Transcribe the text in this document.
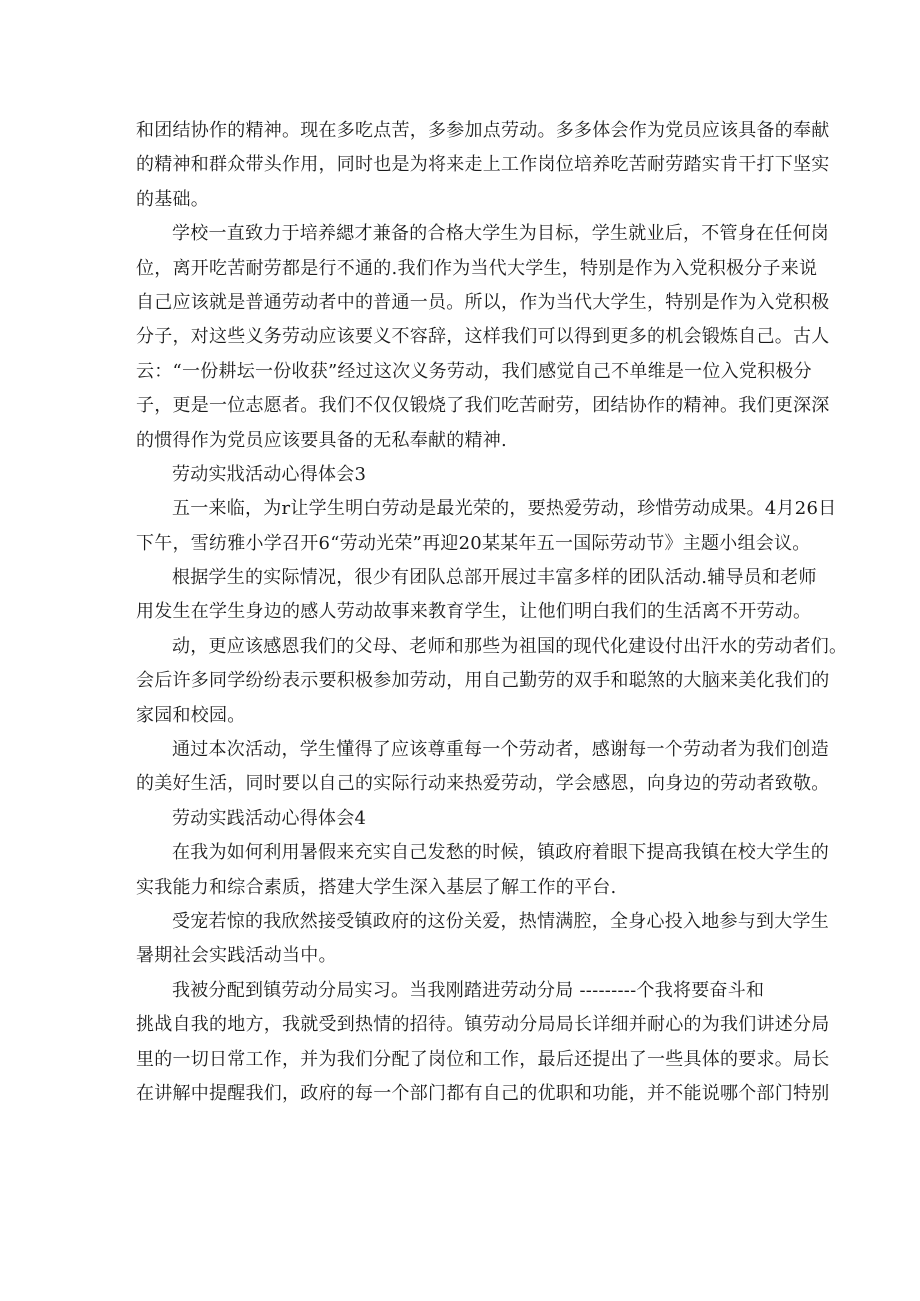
和团结协作的精神。现在多吃点苦，多参加点劳动。多多体会作为党员应该具备的奉献
的精神和群众带头作用，同时也是为将来走上工作岗位培养吃苦耐劳踏实肯干打下坚实
的基础。
学校一直致力于培养緦才兼备的合格大学生为目标，学生就业后，不管身在任何岗
位，离开吃苦耐劳都是行不通的.我们作为当代大学生，特别是作为入党积极分子来说
自己应该就是普通劳动者中的普通一员。所以，作为当代大学生，特别是作为入党积极
分子，对这些义务劳动应该要义不容辞，这样我们可以得到更多的机会锻炼自己。古人
云：“一份耕坛一份收获”经过这次义务劳动，我们感觉自己不单维是一位入党积极分
子，更是一位志愿者。我们不仅仅锻烧了我们吃苦耐劳，团结协作的精神。我们更深深
的惯得作为党员应该要具备的无私奉献的精神.
劳动实戕活动心得体会3
五一来临，为r让学生明白劳动是最光荣的，要热爱劳动，珍惜劳动成果。4月26日
下午，雪纺雅小学召开6“劳动光荣”再迎20某某年五一国际劳动节》主题小组会议。
根据学生的实际情况，很少有团队总部开展过丰富多样的团队活动.辅导员和老师
用发生在学生身边的感人劳动故事来教育学生，让他们明白我们的生活离不开劳动。
动，更应该感恩我们的父母、老师和那些为祖国的现代化建设付出汗水的劳动者们。
会后许多同学纷纷表示要积极参加劳动，用自己勤劳的双手和聪煞的大脑来美化我们的
家园和校园。
通过本次活动，学生懂得了应该尊重每一个劳动者，感谢每一个劳动者为我们创造
的美好生活，同时要以自己的实际行动来热爱劳动，学会感恩，向身边的劳动者致敬。
劳动实践活动心得体会4
在我为如何利用暑假来充实自己发愁的时候，镇政府着眼下提高我镇在校大学生的
实我能力和综合素质，搭建大学生深入基层了解工作的平台.
受宠若惊的我欣然接受镇政府的这份关爱，热情满腔，全身心投入地参与到大学生
暑期社会实践活动当中。
我被分配到镇劳动分局实习。当我刚踏进劳动分局 ---------个我将要奋斗和
挑战自我的地方，我就受到热情的招待。镇劳动分局局长详细并耐心的为我们讲述分局
里的一切日常工作，并为我们分配了岗位和工作，最后还提出了一些具体的要求。局长
在讲解中提醒我们，政府的每一个部门都有自己的优职和功能，并不能说哪个部门特别
